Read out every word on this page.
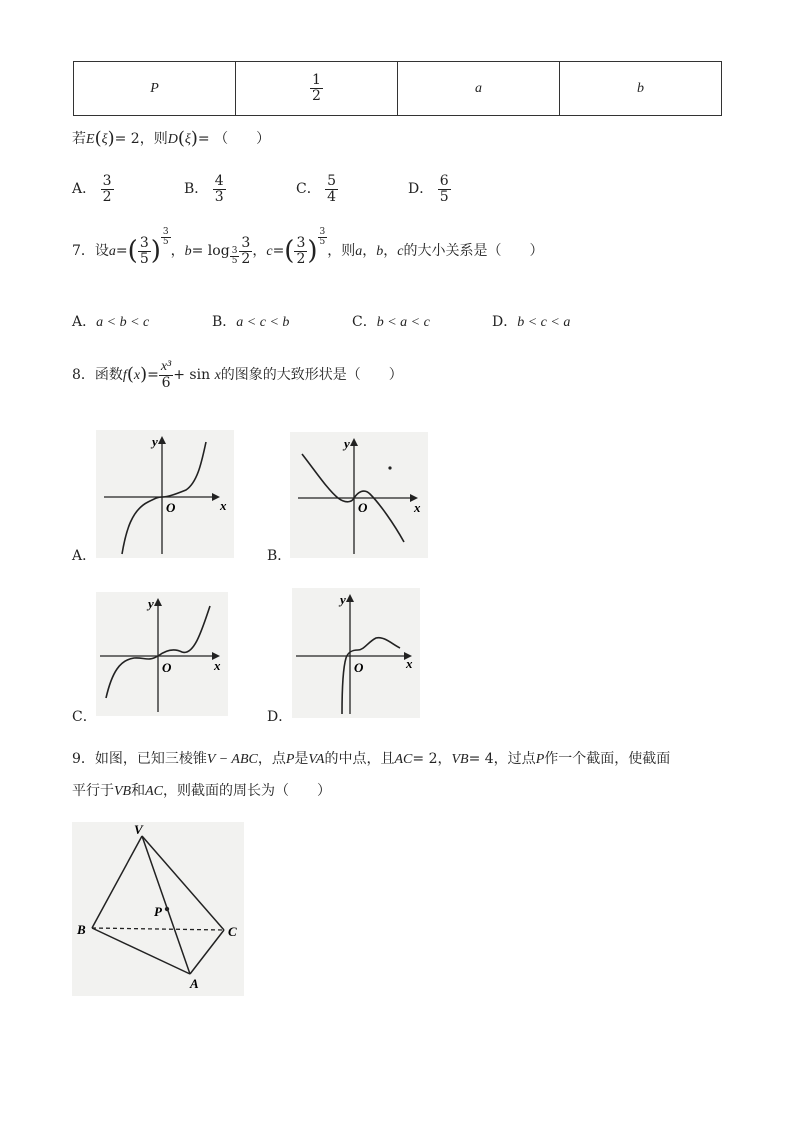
P	$\frac{1}{2}$	a	b
若E(ξ)= 2，则D(ξ)= （　　）
A． $\frac{3}{2}$	B． $\frac{4}{3}$	C． $\frac{5}{4}$	D． $\frac{6}{5}$
7．设$a=( \frac{3}{5}$ ) $^{\frac{3}{5}}$
，$b= \log _{\frac{3}{5}} \frac{3}{2}$ ，$c=( \frac{3}{2}$ ) $^{\frac{3}{5}}$
，则a，b，c的大小关系是（　　）
A．a < b < c	B．a < c < b	C．b < a < c	D．b < c < a
8．函数$f(x)= \frac{\text{x³}}{6} + \sin x$的图象的大致形状是（　　）
y
x
O
A．
y
x
O
B．
y
x
O
C．
y
x
O
D．
9．如图，已知三棱锥V − ABC，点P是VA的中点，且AC= 2，VB= 4，过点P作一个截面，使截面
平行于VB和AC，则截面的周长为（　　）
V
P
B	C
A
